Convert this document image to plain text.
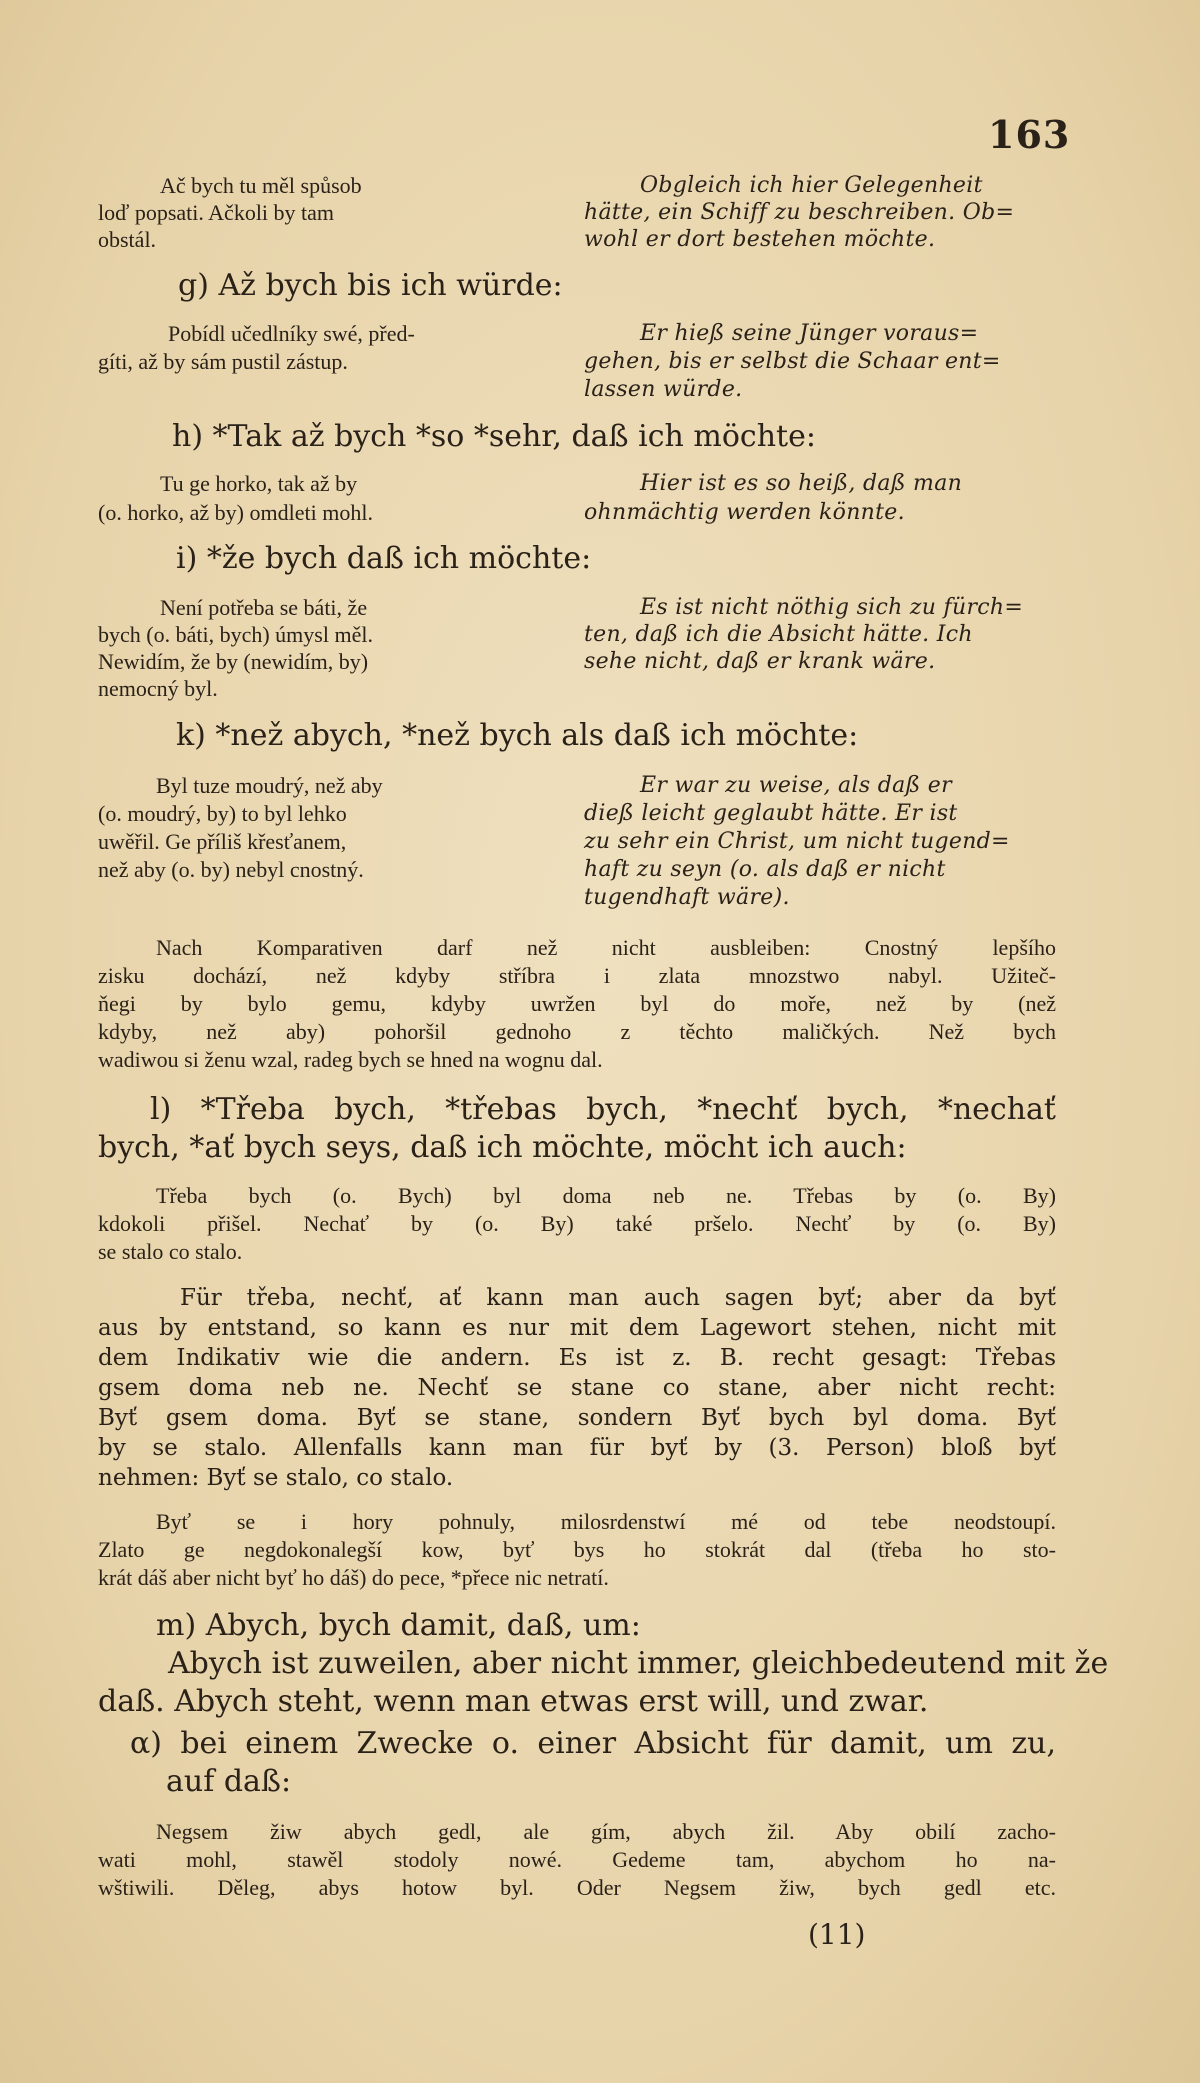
163
Ač bych tu měl spůsob
loď popsati. Ačkoli by tam
obstál.
Obgleich ich hier Gelegenheit
hätte, ein Schiff zu beschreiben. Ob=
wohl er dort bestehen möchte.
g) Až bych bis ich würde:
Pobídl učedlníky swé, před-
gíti, až by sám pustil zástup.
Er hieß seine Jünger voraus=
gehen, bis er selbst die Schaar ent=
lassen würde.
h) *Tak až bych *so *sehr, daß ich möchte:
Tu ge horko, tak až by
(o. horko, až by) omdleti mohl.
Hier ist es so heiß, daß man
ohnmächtig werden könnte.
i) *že bych daß ich möchte:
Není potřeba se báti, že
bych (o. báti, bych) úmysl měl.
Newidím, že by (newidím, by)
nemocný byl.
Es ist nicht nöthig sich zu fürch=
ten, daß ich die Absicht hätte. Ich
sehe nicht, daß er krank wäre.
k) *než abych, *než bych als daß ich möchte:
Byl tuze moudrý, než aby
(o. moudrý, by) to byl lehko
uwěřil. Ge příliš křesťanem,
než aby (o. by) nebyl cnostný.
Er war zu weise, als daß er
dieß leicht geglaubt hätte. Er ist
zu sehr ein Christ, um nicht tugend=
haft zu seyn (o. als daß er nicht
tugendhaft wäre).
Nach Komparativen darf než nicht ausbleiben: Cnostný lepšího
zisku dochází, než kdyby stříbra i zlata mnozstwo nabyl. Užiteč-
ňegi by bylo gemu, kdyby uwržen byl do moře, než by (než
kdyby, než aby) pohoršil gednoho z těchto maličkých. Než bych
wadiwou si ženu wzal, radeg bych se hned na wognu dal.
l) *Třeba bych, *třebas bych, *nechť bych, *nechať
bych, *ať bych seys, daß ich möchte, möcht ich auch:
Třeba bych (o. Bych) byl doma neb ne. Třebas by (o. By)
kdokoli přišel. Nechať by (o. By) také pršelo. Nechť by (o. By)
se stalo co stalo.
Für třeba, nechť, ať kann man auch sagen byť; aber da byť
aus by entstand, so kann es nur mit dem Lagewort stehen, nicht mit
dem Indikativ wie die andern. Es ist z. B. recht gesagt: Třebas
gsem doma neb ne. Nechť se stane co stane, aber nicht recht:
Byť gsem doma. Byť se stane, sondern Byť bych byl doma. Byť
by se stalo. Allenfalls kann man für byť by (3. Person) bloß byť
nehmen: Byť se stalo, co stalo.
Byť se i hory pohnuly, milosrdenstwí mé od tebe neodstoupí.
Zlato ge negdokonalegší kow, byť bys ho stokrát dal (třeba ho sto-
krát dáš aber nicht byť ho dáš) do pece, *přece nic netratí.
m) Abych, bych damit, daß, um:
Abych ist zuweilen, aber nicht immer, gleichbedeutend mit že
daß. Abych steht, wenn man etwas erst will, und zwar.
α) bei einem Zwecke o. einer Absicht für damit, um zu,
auf daß:
Negsem žiw abych gedl, ale gím, abych žil. Aby obilí zacho-
wati mohl, stawěl stodoly nowé. Gedeme tam, abychom ho na-
wštiwili. Děleg, abys hotow byl. Oder Negsem žiw, bych gedl etc.
(11)
